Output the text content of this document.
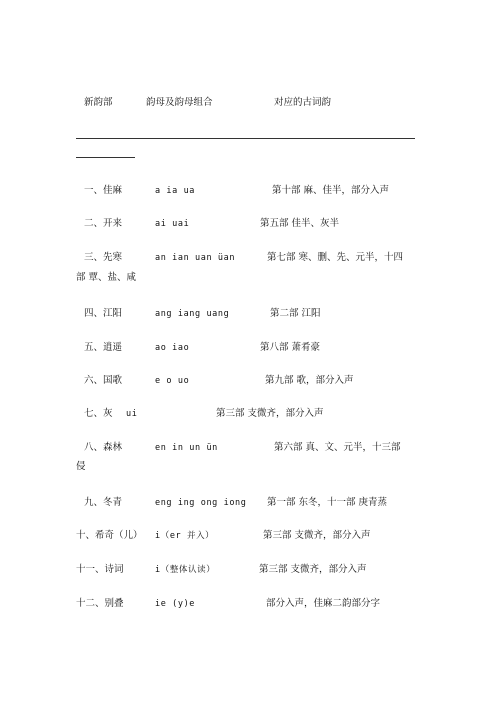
新韵部	韵母及韵母组合	对应的古词韵
一、佳麻	a ia ua	第十部 麻、佳半，部分入声
二、开来	ai uai	第五部 佳半、灰半
三、先寒	an ian uan üan	第七部 寒、删、先、元半，十四
部 覃、盐、咸
四、江阳	ang iang uang	第二部 江阳
五、逍遥	ao iao	第八部 萧肴豪
六、国歌	e o uo	第九部 歌，部分入声
七、灰 ui	第三部 支微齐，部分入声
八、森林	en in un ün	第六部 真、文、元半，十三部
侵
九、冬青	eng ing ong iong 第一部 东冬，十一部 庚青蒸
十、希奇（儿） i（er 并入）	第三部 支微齐，部分入声
十一、诗词	i（整体认读）	第三部 支微齐，部分入声
十二、别叠	ie (y)e	部分入声，佳麻二韵部分字
